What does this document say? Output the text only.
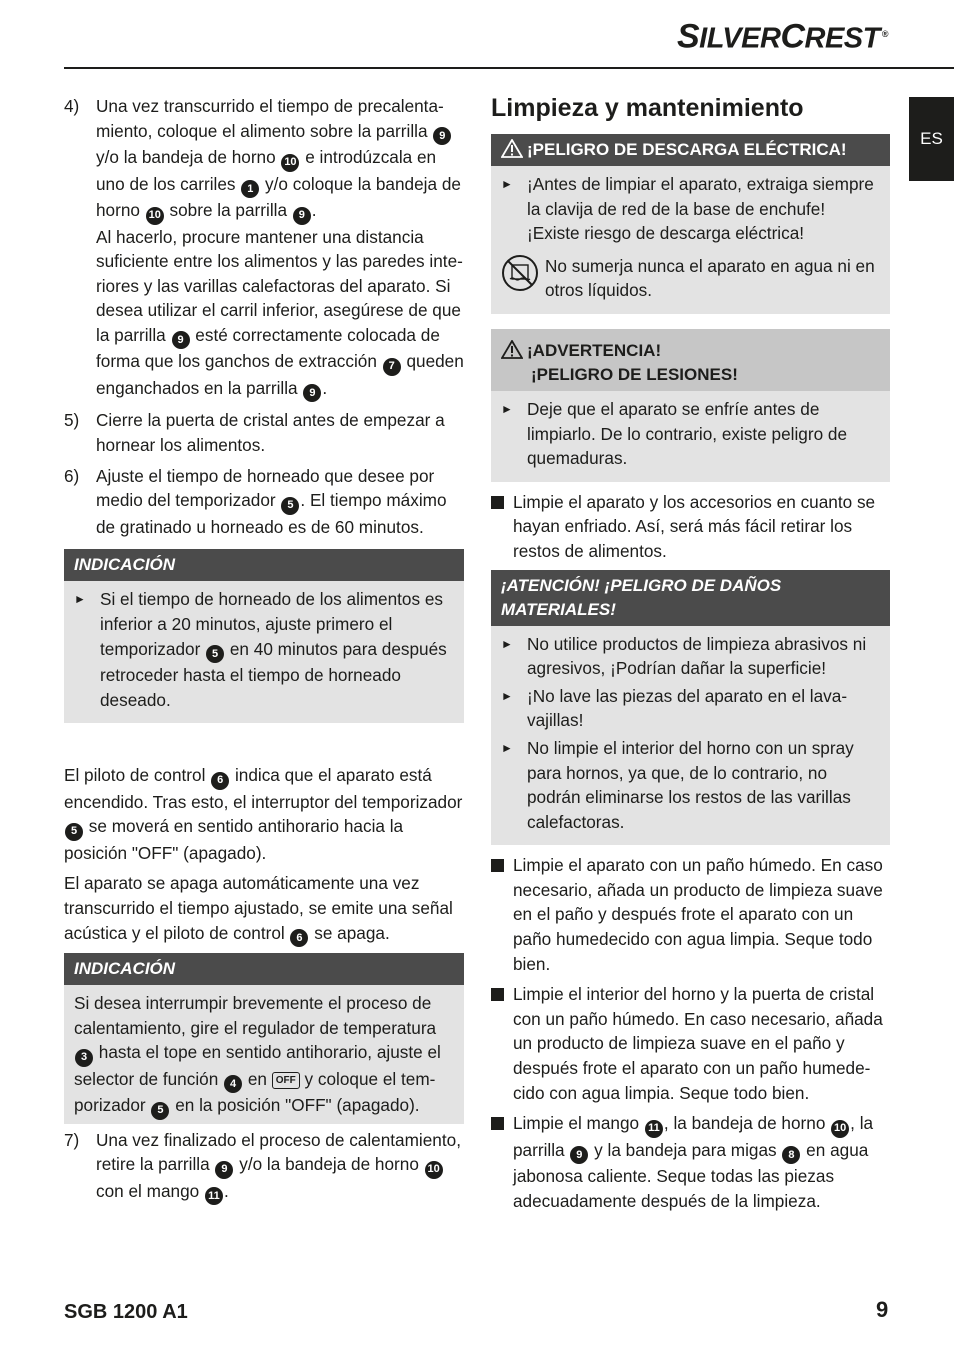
SILVERCREST ®
ES
4) Una vez transcurrido el tiempo de precalentamiento, coloque el alimento sobre la parrilla 9 y/o la bandeja de horno 10 e introdúzcala en uno de los carriles 1 y/o coloque la bandeja de horno 10 sobre la parrilla 9 .
Al hacerlo, procure mantener una distancia suficiente entre los alimentos y las paredes interiores y las varillas calefactoras del aparato. Si desea utilizar el carril inferior, asegúrese de que la parrilla 9 esté correctamente colocada de forma que los ganchos de extracción 7 queden enganchados en la parrilla 9 .
5) Cierre la puerta de cristal antes de empezar a hornear los alimentos.
6) Ajuste el tiempo de horneado que desee por medio del temporizador 5 . El tiempo máximo de gratinado u horneado es de 60 minutos.
INDICACIÓN
► Si el tiempo de horneado de los alimentos es inferior a 20 minutos, ajuste primero el temporizador 5 en 40 minutos para después retroceder hasta el tiempo de horneado deseado.
El piloto de control 6 indica que el aparato está encendido. Tras esto, el interruptor del temporizador 5 se moverá en sentido antihorario hacia la posición "OFF" (apagado).
El aparato se apaga automáticamente una vez transcurrido el tiempo ajustado, se emite una señal acústica y el piloto de control 6 se apaga.
INDICACIÓN
Si desea interrumpir brevemente el proceso de calentamiento, gire el regulador de temperatura 3 hasta el tope en sentido antihorario, ajuste el selector de función 4 en OFF y coloque el temporizador 5 en la posición "OFF" (apagado).
7) Una vez finalizado el proceso de calentamiento, retire la parrilla 9 y/o la bandeja de horno 10 con el mango 11 .
Limpieza y mantenimiento
¡PELIGRO DE DESCARGA ELÉCTRICA!
► ¡Antes de limpiar el aparato, extraiga siempre la clavija de red de la base de enchufe! ¡Existe riesgo de descarga eléctrica!
No sumerja nunca el aparato en agua ni en otros líquidos.
¡ADVERTENCIA!
¡PELIGRO DE LESIONES!
► Deje que el aparato se enfríe antes de limpiarlo. De lo contrario, existe peligro de quemaduras.
Limpie el aparato y los accesorios en cuanto se hayan enfriado. Así, será más fácil retirar los restos de alimentos.
¡ATENCIÓN! ¡PELIGRO DE DAÑOS MATERIALES!
► No utilice productos de limpieza abrasivos ni agresivos, ¡Podrían dañar la superficie!
► ¡No lave las piezas del aparato en el lavavajillas!
► No limpie el interior del horno con un spray para hornos, ya que, de lo contrario, no podrán eliminarse los restos de las varillas calefactoras.
Limpie el aparato con un paño húmedo. En caso necesario, añada un producto de limpieza suave en el paño y después frote el aparato con un paño humedecido con agua limpia. Seque todo bien.
Limpie el interior del horno y la puerta de cristal con un paño húmedo. En caso necesario, añada un producto de limpieza suave en el paño y después frote el aparato con un paño humedecido con agua limpia. Seque todo bien.
Limpie el mango 11 , la bandeja de horno 10 , la parrilla 9 y la bandeja para migas 8 en agua jabonosa caliente. Seque todas las piezas adecuadamente después de la limpieza.
SGB 1200 A1	9
